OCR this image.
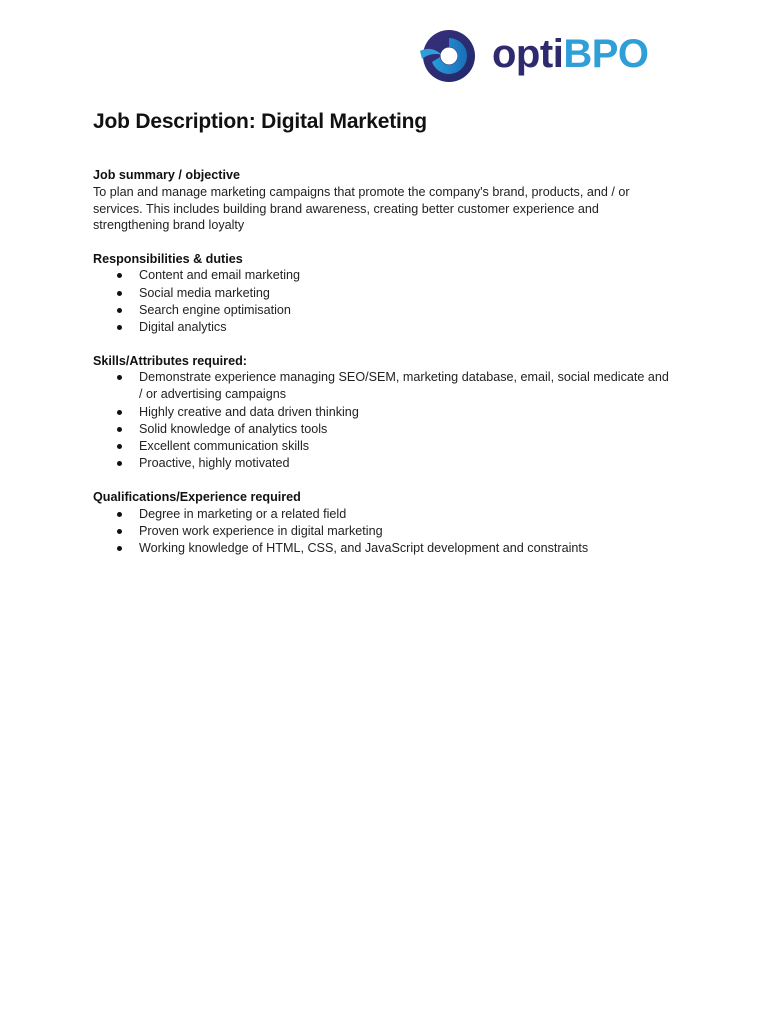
optiBPO
Job Description: Digital Marketing

Job summary / objective

To plan and manage marketing campaigns that promote the company's brand, products, and / or services. This includes building brand awareness, creating better customer experience and strengthening brand loyalty

Responsibilities & duties

Content and email marketing
Social media marketing
Search engine optimisation
Digital analytics

Skills/Attributes required:

Demonstrate experience managing SEO/SEM, marketing database, email, social medicate and / or advertising campaigns
Highly creative and data driven thinking
Solid knowledge of analytics tools
Excellent communication skills
Proactive, highly motivated

Qualifications/Experience required

Degree in marketing or a related field
Proven work experience in digital marketing
Working knowledge of HTML, CSS, and JavaScript development and constraints
